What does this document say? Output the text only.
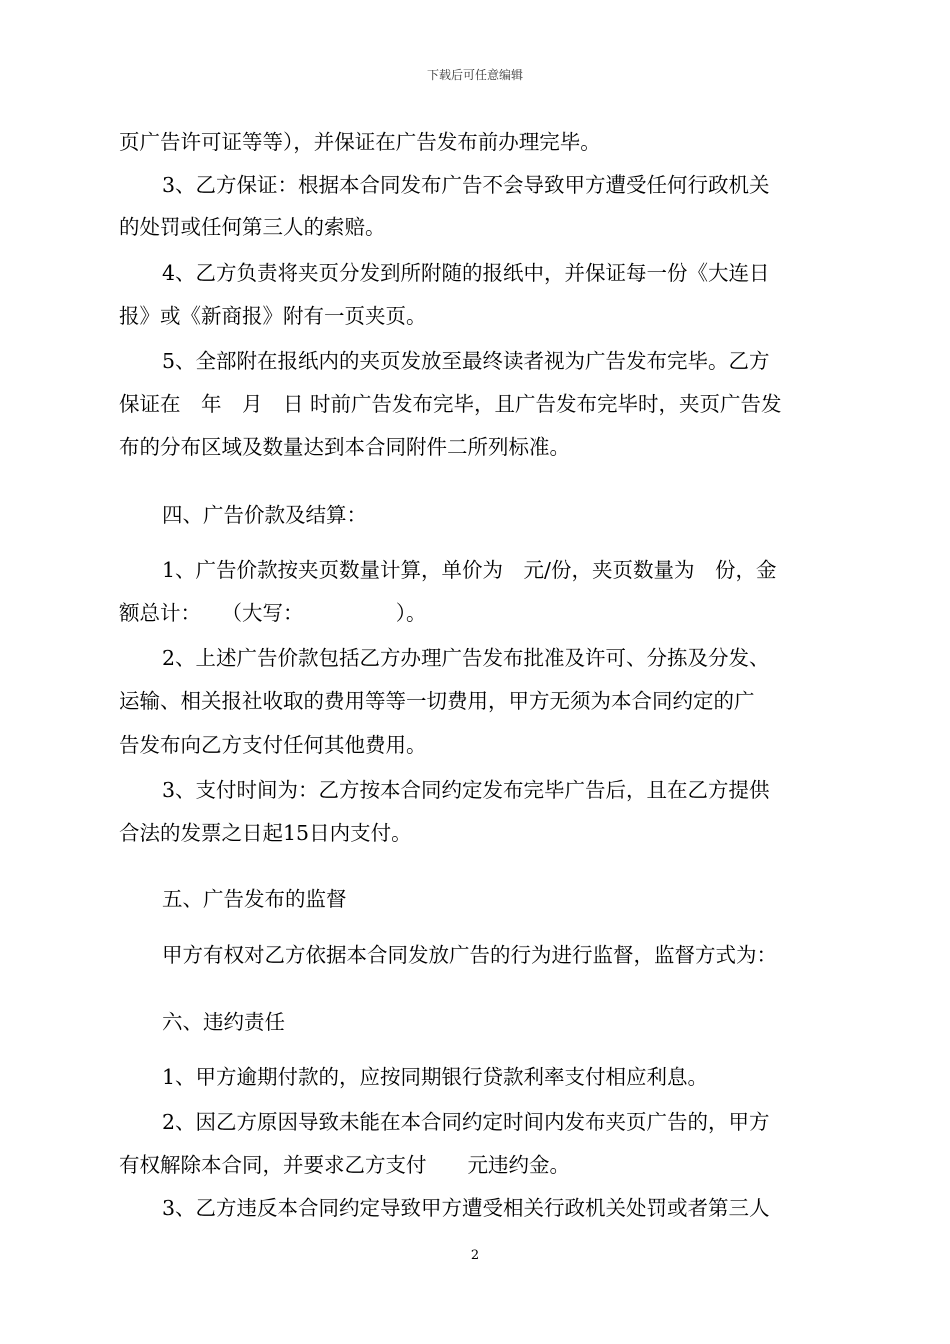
下载后可任意编辑
页广告许可证等等），并保证在广告发布前办理完毕。
3、乙方保证：根据本合同发布广告不会导致甲方遭受任何行政机关
的处罚或任何第三人的索赔。
4、乙方负责将夹页分发到所附随的报纸中，并保证每一份《大连日
报》或《新商报》附有一页夹页。
5、全部附在报纸内的夹页发放至最终读者视为广告发布完毕。乙方
保证在　年　月　日 时前广告发布完毕，且广告发布完毕时，夹页广告发
布的分布区域及数量达到本合同附件二所列标准。
四、广告价款及结算：
1、广告价款按夹页数量计算，单价为　元/份，夹页数量为　份，金
额总计：　　（大写：　　　　　）。
2、上述广告价款包括乙方办理广告发布批准及许可、分拣及分发、
运输、相关报社收取的费用等等一切费用，甲方无须为本合同约定的广
告发布向乙方支付任何其他费用。
3、支付时间为：乙方按本合同约定发布完毕广告后，且在乙方提供
合法的发票之日起15日内支付。
五、广告发布的监督
甲方有权对乙方依据本合同发放广告的行为进行监督，监督方式为：
六、违约责任
1、甲方逾期付款的，应按同期银行贷款利率支付相应利息。
2、因乙方原因导致未能在本合同约定时间内发布夹页广告的，甲方
有权解除本合同，并要求乙方支付　　元违约金。
3、乙方违反本合同约定导致甲方遭受相关行政机关处罚或者第三人
2
